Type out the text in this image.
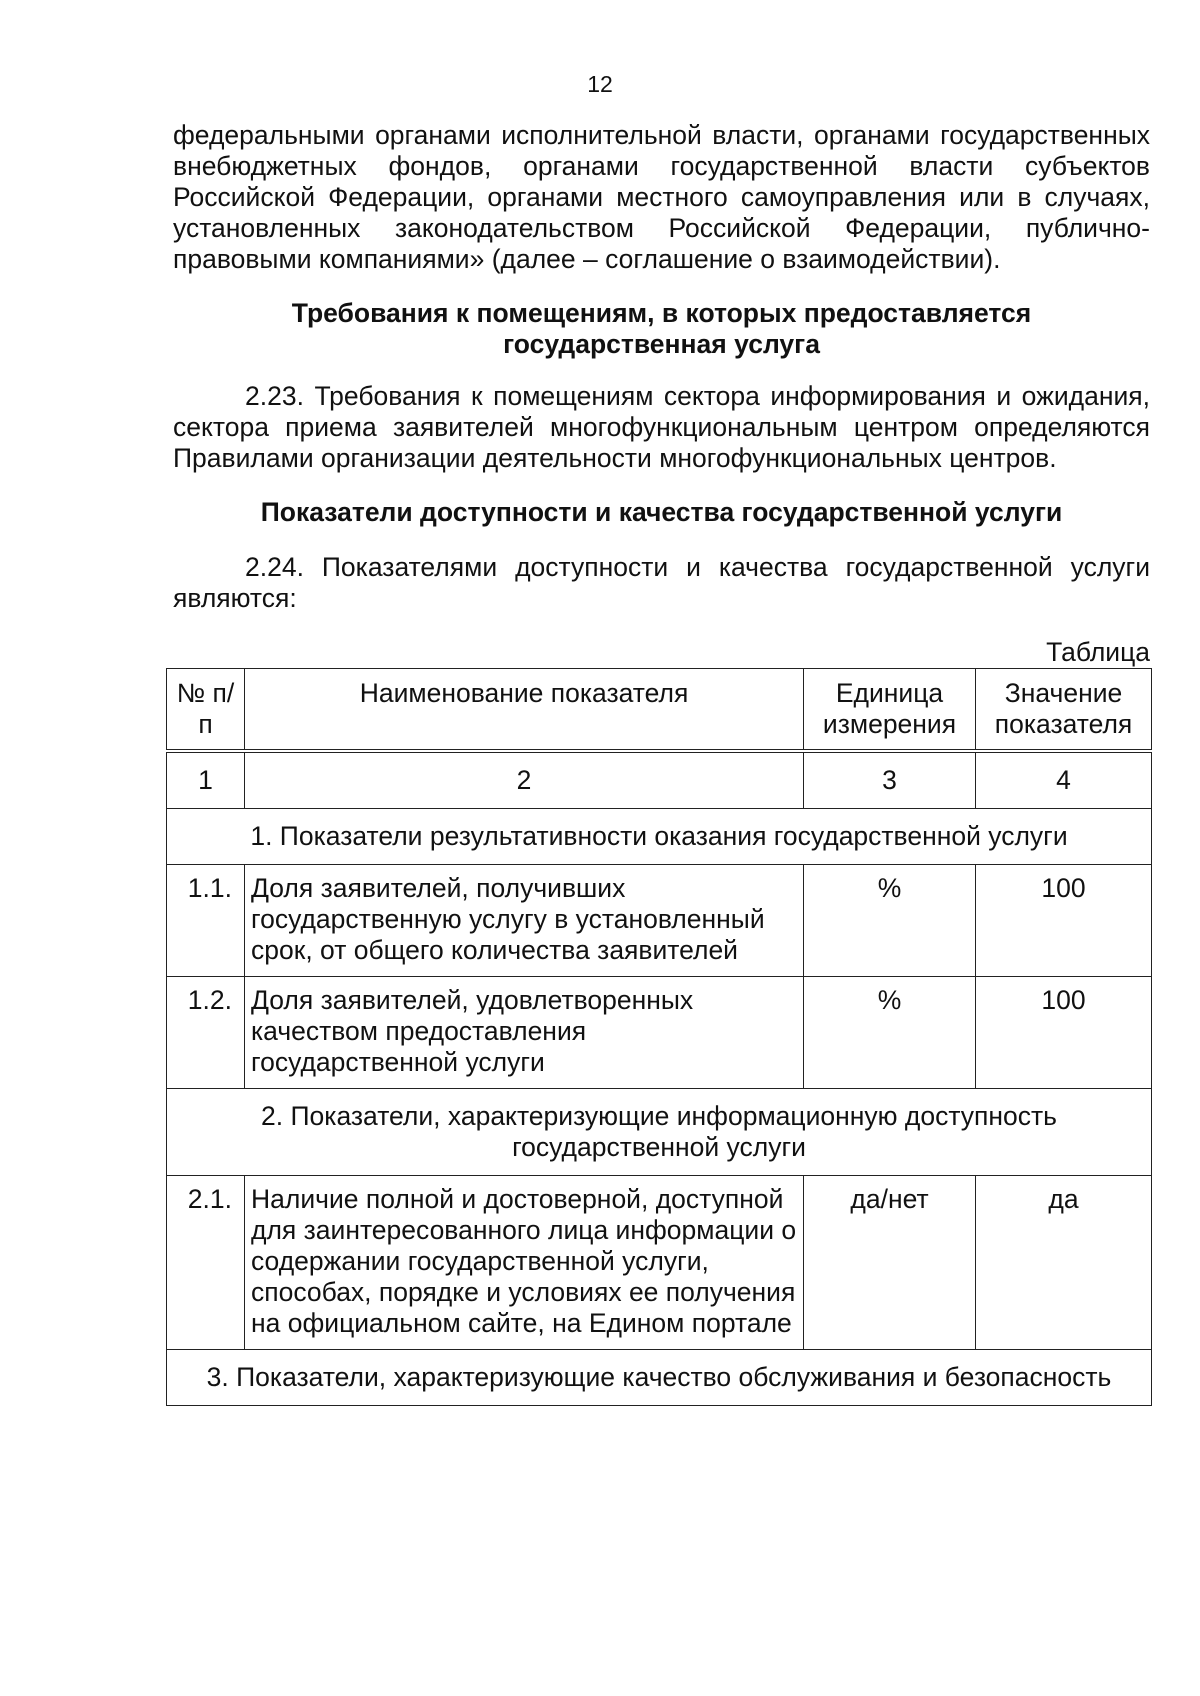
12

федеральными органами исполнительной власти, органами государственных внебюджетных фондов, органами государственной власти субъектов Российской Федерации, органами местного самоуправления или в случаях, установленных законодательством Российской Федерации, публично-правовыми компаниями» (далее – соглашение о взаимодействии).

Требования к помещениям, в которых предоставляется
государственная услуга

2.23. Требования к помещениям сектора информирования и ожидания, сектора приема заявителей многофункциональным центром определяются Правилами организации деятельности многофункциональных центров.

Показатели доступности и качества государственной услуги

2.24. Показателями доступности и качества государственной услуги являются:

Таблица
№ п/п	Наименование показателя	Единица измерения	Значение показателя

1	2	3	4
1. Показатели результативности оказания государственной услуги			
1.1.	Доля заявителей, получивших государственную услугу в установленный срок, от общего количества заявителей	%	100
1.2.	Доля заявителей, удовлетворенных качеством предоставления государственной услуги	%	100
2. Показатели, характеризующие информационную доступность государственной услуги			
2.1.	Наличие полной и достоверной, доступной для заинтересованного лица информации о содержании государственной услуги, способах, порядке и условиях ее получения на официальном сайте, на Едином портале	да/нет	да
3. Показатели, характеризующие качество обслуживания и безопасность			
